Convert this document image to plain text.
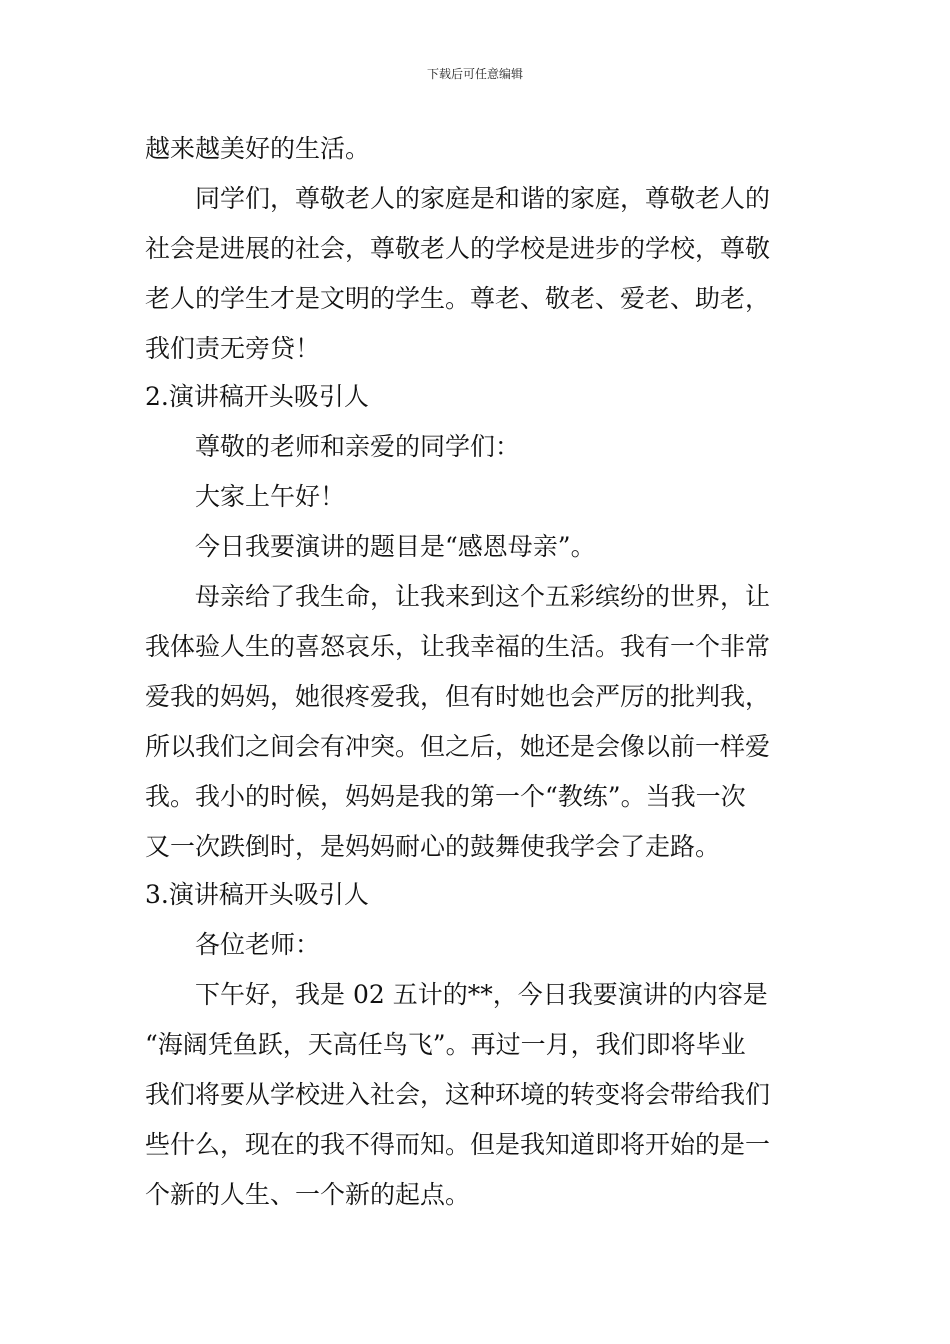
下载后可任意编辑
越来越美好的生活。
同学们，尊敬老人的家庭是和谐的家庭，尊敬老人的
社会是进展的社会，尊敬老人的学校是进步的学校，尊敬
老人的学生才是文明的学生。尊老、敬老、爱老、助老，
我们责无旁贷！
2.演讲稿开头吸引人
尊敬的老师和亲爱的同学们：
大家上午好！
今日我要演讲的题目是“感恩母亲”。
母亲给了我生命，让我来到这个五彩缤纷的世界，让
我体验人生的喜怒哀乐，让我幸福的生活。我有一个非常
爱我的妈妈，她很疼爱我，但有时她也会严厉的批判我，
所以我们之间会有冲突。但之后，她还是会像以前一样爱
我。我小的时候，妈妈是我的第一个“教练”。当我一次
又一次跌倒时，是妈妈耐心的鼓舞使我学会了走路。
3.演讲稿开头吸引人
各位老师：
下午好，我是 02 五计的**，今日我要演讲的内容是
“海阔凭鱼跃，天高任鸟飞”。再过一月，我们即将毕业
我们将要从学校进入社会，这种环境的转变将会带给我们
些什么，现在的我不得而知。但是我知道即将开始的是一
个新的人生、一个新的起点。
